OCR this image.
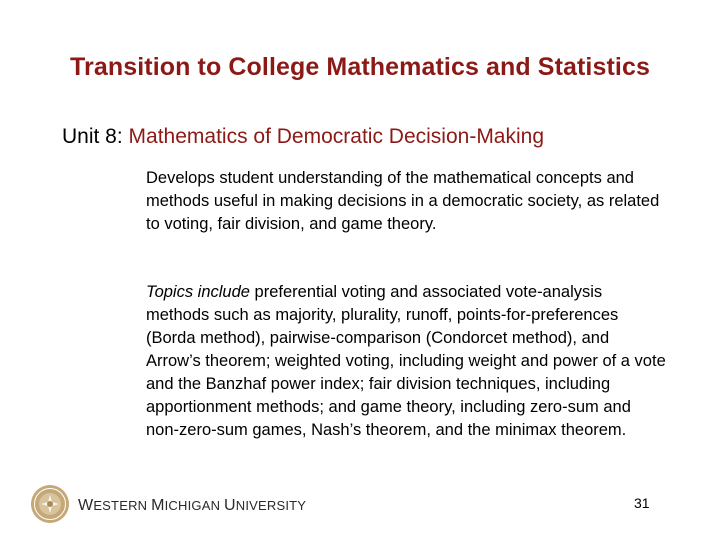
Transition to College Mathematics and Statistics
Unit 8: Mathematics of Democratic Decision-Making

Develops student understanding of the mathematical concepts and methods useful in making decisions in a democratic society, as related to voting, fair division, and game theory.

Topics include preferential voting and associated vote-analysis methods such as majority, plurality, runoff, points-for-preferences (Borda method), pairwise-comparison (Condorcet method), and Arrow’s theorem; weighted voting, including weight and power of a vote and the Banzhaf power index; fair division techniques, including apportionment methods; and game theory, including zero-sum and non-zero-sum games, Nash’s theorem, and the minimax theorem.

WESTERN MICHIGAN UNIVERSITY	31
